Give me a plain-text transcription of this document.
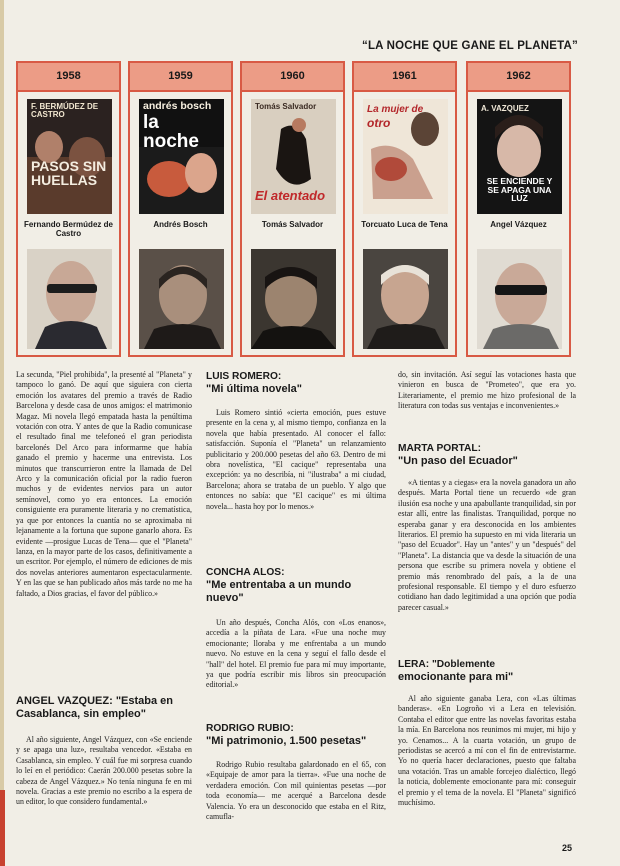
“LA NOCHE QUE GANE EL PLANETA”
1958
F. BERMÚDEZ DE CASTRO
PASOS SIN HUELLAS
Fernando Bermúdez de Castro
1959
andrés bosch
la noche
Andrés Bosch
1960
Tomás Salvador
El atentado
Tomás Salvador
1961
La mujer de
otro
Torcuato Luca de Tena
1962
A. VAZQUEZ
SE ENCIENDE Y SE APAGA UNA LUZ
Angel Vázquez

La secunda, "Piel prohibida", la presenté al "Planeta" y tampoco lo ganó. De aquí que siguiera con cierta emoción los avatares del premio a través de Radio Barcelona y desde casa de unos amigos: el matrimonio Magaz. Mi novela llegó empatada hasta la penúltima votación con otra. Y antes de que la Radio comunicase el resultado final me telefoneó el gran periodista barcelonés Del Arco para informarme que había ganado el premio y hacerme una entrevista. Los minutos que transcurrieron entre la llamada de Del Arco y la comunicación oficial por la radio fueron muchos y de evidentes nervios para un autor semínovel, como yo era entonces. La emoción consiguiente era puramente literaria y no crematística, ya que por entonces la cuantía no se aproximaba ni lejanamente a la fortuna que supone ganarlo ahora. Es evidente —prosigue Lucas de Tena— que el "Planeta" lanza, en la mayor parte de los casos, definitivamente a un escritor. Por ejemplo, el número de ediciones de mis dos novelas anteriores aumentaron espectacularmente. Y en las que se han publicado años más tarde no me ha faltado, a Dios gracias, el favor del público.»

ANGEL VAZQUEZ: "Estaba en Casablanca, sin empleo"

Al año siguiente, Angel Vázquez, con «Se enciende y se apaga una luz», resultaba vencedor. «Estaba en Casablanca, sin empleo. Y cuál fue mi sorpresa cuando lo leí en el periódico: Caerán 200.000 pesetas sobre la cabeza de Angel Vázquez.» No tenía ninguna fe en mi novela. Gracias a este premio no escribo a la espera de un editor, lo que considero fundamental.»

LUIS ROMERO:
"Mi última novela"

Luis Romero sintió «cierta emoción, pues estuve presente en la cena y, al mismo tiempo, confianza en la novela que había presentado. Al conocer el fallo: satisfacción. Suponía el "Planeta" un relanzamiento publicitario y 200.000 pesetas del año 63. Dentro de mi obra novelística, "El cacique" representaba una excepción: ya no describía, ni "ilustraba" a mi ciudad, Barcelona; ahora se trataba de un pueblo. Y algo que entonces no sabía: que "El cacique" es mi última novela... hasta hoy por lo menos.»

CONCHA ALOS:
"Me entrentaba a un mundo nuevo"

Un año después, Concha Alós, con «Los enanos», accedía a la piñata de Lara. «Fue una noche muy emocionante; lloraba y me enfrentaba a un mundo nuevo. No estuve en la cena y seguí el fallo desde el "hall" del hotel. El premio fue para mí muy importante, ya que podría escribir mis libros sin preocupación editorial.»

RODRIGO RUBIO:
"Mi patrimonio, 1.500 pesetas"

Rodrigo Rubio resultaba galardonado en el 65, con «Equipaje de amor para la tierra». «Fue una noche de verdadera emoción. Con mil quinientas pesetas —por toda economía— me acerqué a Barcelona desde Valencia. Yo era un desconocido que estaba en el Ritz, camufla-

do, sin invitación. Así seguí las votaciones hasta que vinieron en busca de "Prometeo", que era yo. Literariamente, el premio me hizo profesional de la literatura con todas sus ventajas e inconvenientes.»

MARTA PORTAL:
"Un paso del Ecuador"

«A tientas y a ciegas» era la novela ganadora un año después. Marta Portal tiene un recuerdo «de gran ilusión esa noche y una apabullante tranquilidad, sin por estar allí, entre las finalistas. Tranquilidad, porque no esperaba ganar y era desconocida en los ambientes literarios. El premio ha supuesto en mi vida literaria un "paso del Ecuador". Hay un "antes" y un "después" del "Planeta". La distancia que va desde la situación de una persona que escribe su primera novela y obtiene el premio más renombrado del país, a la de una profesional responsable. El tiempo y el duro esfuerzo cotidiano han dado legitimidad a una opción que podía parecer casual.»

LERA: "Doblemente
emocionante para mi"

Al año siguiente ganaba Lera, con «Las últimas banderas». «En Logroño vi a Lera en televisión. Contaba el editor que entre las novelas favoritas estaba la mía. En Barcelona nos reunimos mi mujer, mi hijo y yo. Cenamos... A la cuarta votación, un grupo de periodistas se acercó a mí con el fin de entrevistarme. Yo no quería hacer declaraciones, puesto que faltaba una votación. Tras un amable forcejeo dialéctico, llegó la noticia, doblemente emocionante para mí: conseguir el premio y el tema de la novela. El "Planeta" significó muchísimo.

25
